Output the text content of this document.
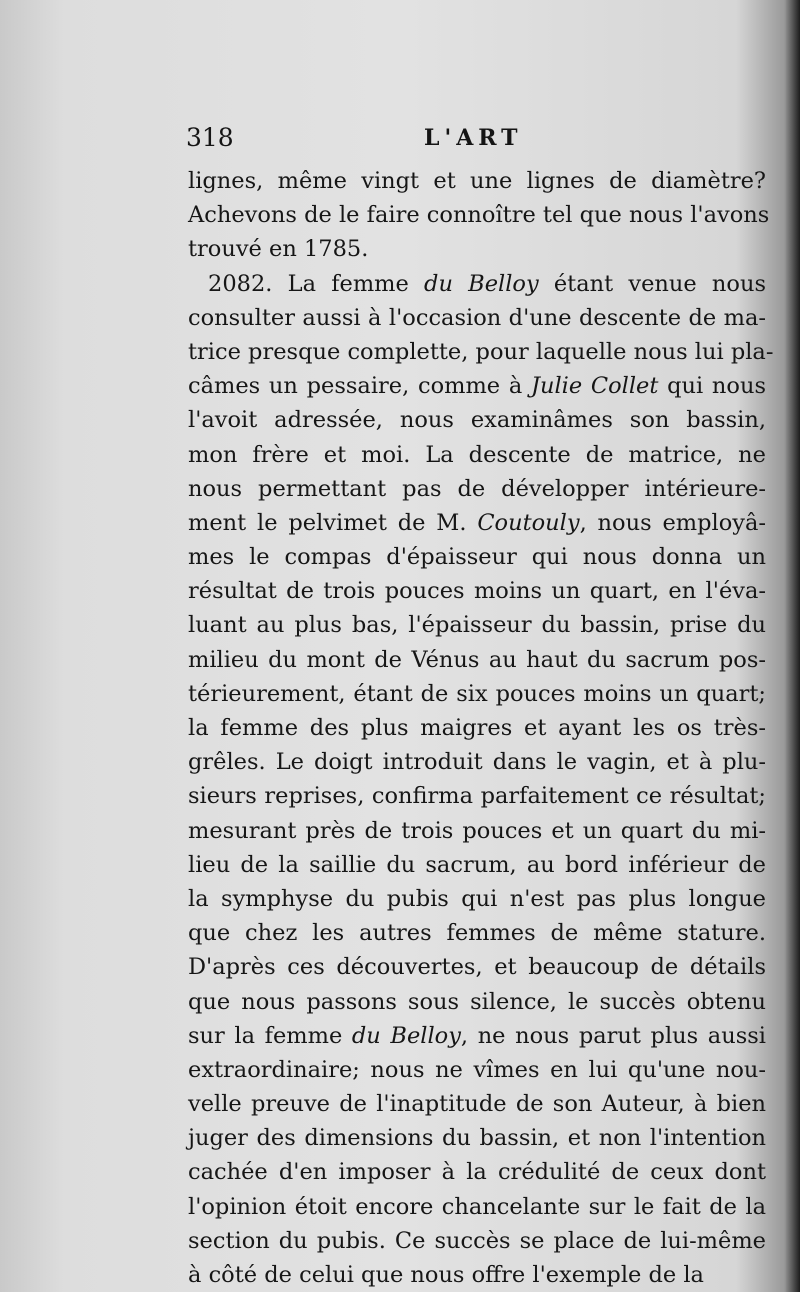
318	L'ART
lignes, même vingt et une lignes de diamètre?
Achevons de le faire connoître tel que nous l'avons
trouvé en 1785.
2082. La femme du Belloy étant venue nous
consulter aussi à l'occasion d'une descente de ma-
trice presque complette, pour laquelle nous lui pla-
câmes un pessaire, comme à Julie Collet qui nous
l'avoit adressée, nous examinâmes son bassin,
mon frère et moi. La descente de matrice, ne
nous permettant pas de développer intérieure-
ment le pelvimet de M. Coutouly, nous employâ-
mes le compas d'épaisseur qui nous donna un
résultat de trois pouces moins un quart, en l'éva-
luant au plus bas, l'épaisseur du bassin, prise du
milieu du mont de Vénus au haut du sacrum pos-
térieurement, étant de six pouces moins un quart;
la femme des plus maigres et ayant les os très-
grêles. Le doigt introduit dans le vagin, et à plu-
sieurs reprises, confirma parfaitement ce résultat;
mesurant près de trois pouces et un quart du mi-
lieu de la saillie du sacrum, au bord inférieur de
la symphyse du pubis qui n'est pas plus longue
que chez les autres femmes de même stature.
D'après ces découvertes, et beaucoup de détails
que nous passons sous silence, le succès obtenu
sur la femme du Belloy, ne nous parut plus aussi
extraordinaire; nous ne vîmes en lui qu'une nou-
velle preuve de l'inaptitude de son Auteur, à bien
juger des dimensions du bassin, et non l'intention
cachée d'en imposer à la crédulité de ceux dont
l'opinion étoit encore chancelante sur le fait de la
section du pubis. Ce succès se place de lui-même
à côté de celui que nous offre l'exemple de la
